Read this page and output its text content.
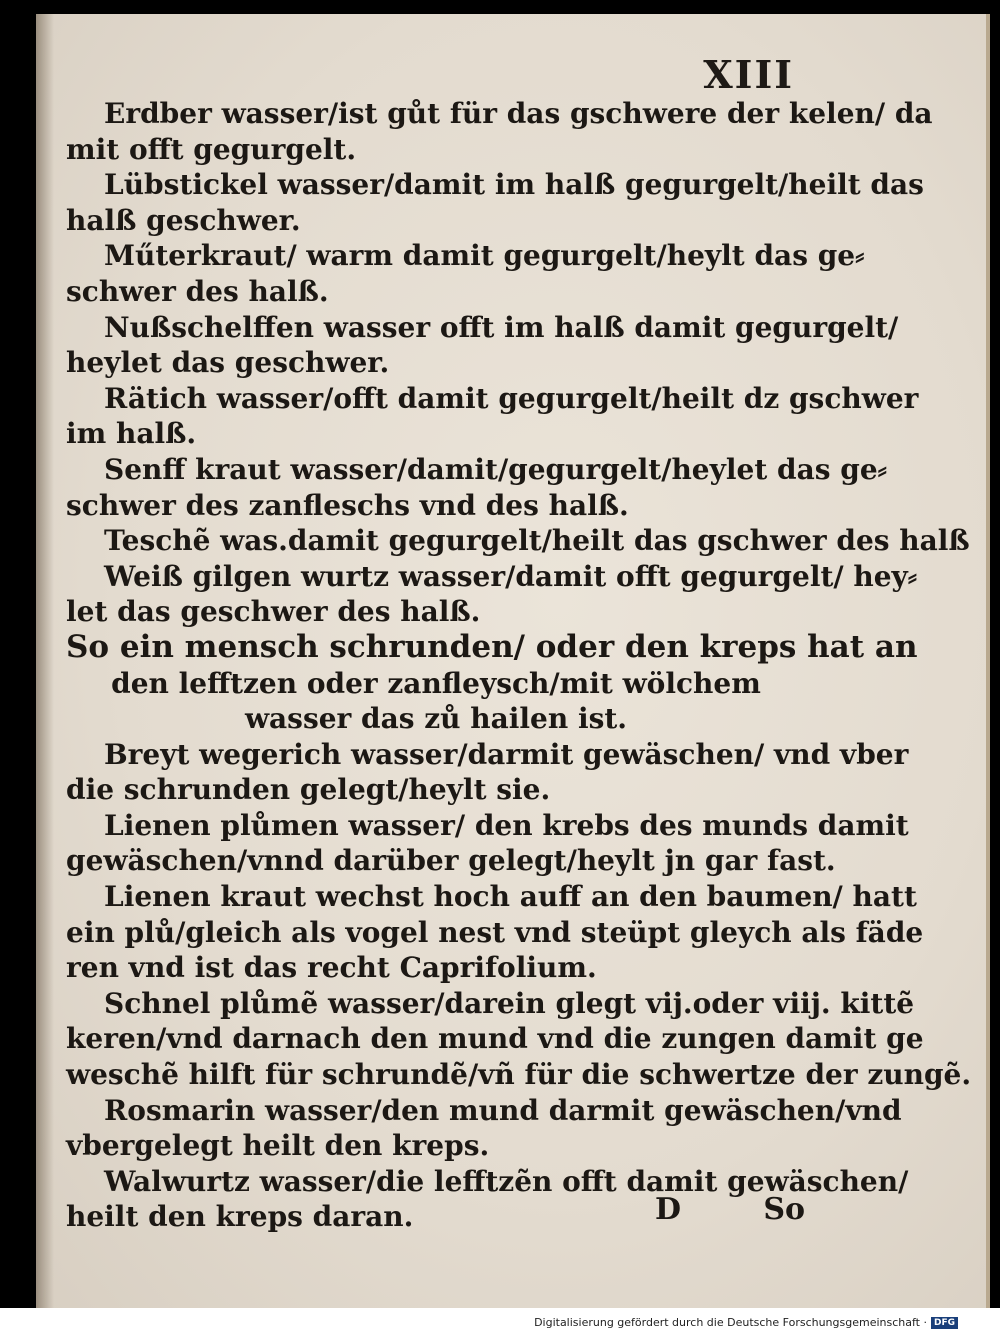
XIII
Erdber wasser/ist gůt für das gschwere der kelen/ da
mit offt gegurgelt.
Lübstickel wasser/damit im halß gegurgelt/heilt das
halß geschwer.
Műterkraut/ warm damit gegurgelt/heylt das ge⸗
schwer des halß.
Nußschelffen wasser offt im halß damit gegurgelt/
heylet das geschwer.
Rätich wasser/offt damit gegurgelt/heilt dz gschwer
im halß.
Senff kraut wasser/damit/gegurgelt/heylet das ge⸗
schwer des zanfleschs vnd des halß.
Teschẽ was.damit gegurgelt/heilt das gschwer des halß
Weiß gilgen wurtz wasser/damit offt gegurgelt/ hey⸗
let das geschwer des halß.
So ein mensch schrunden/ oder den kreps hat an
den lefftzen oder zanfleysch/mit wölchem
wasser das zů hailen ist.
Breyt wegerich wasser/darmit gewäschen/ vnd vber
die schrunden gelegt/heylt sie.
Lienen plůmen wasser/ den krebs des munds damit
gewäschen/vnnd darüber gelegt/heylt jn gar fast.
Lienen kraut wechst hoch auff an den baumen/ hatt
ein plů/gleich als vogel nest vnd steüpt gleych als fäde
ren vnd ist das recht Caprifolium.
Schnel plůmẽ wasser/darein glegt vij.oder viij. kittẽ
keren/vnd darnach den mund vnd die zungen damit ge
weschẽ hilft für schrundẽ/vñ für die schwertze der zungẽ.
Rosmarin wasser/den mund darmit gewäschen/vnd
vbergelegt heilt den kreps.
Walwurtz wasser/die lefftzẽn offt damit gewäschen/
heilt den kreps daran.	D	So
Digitalisierung gefördert durch die Deutsche Forschungsgemeinschaft · DFG
